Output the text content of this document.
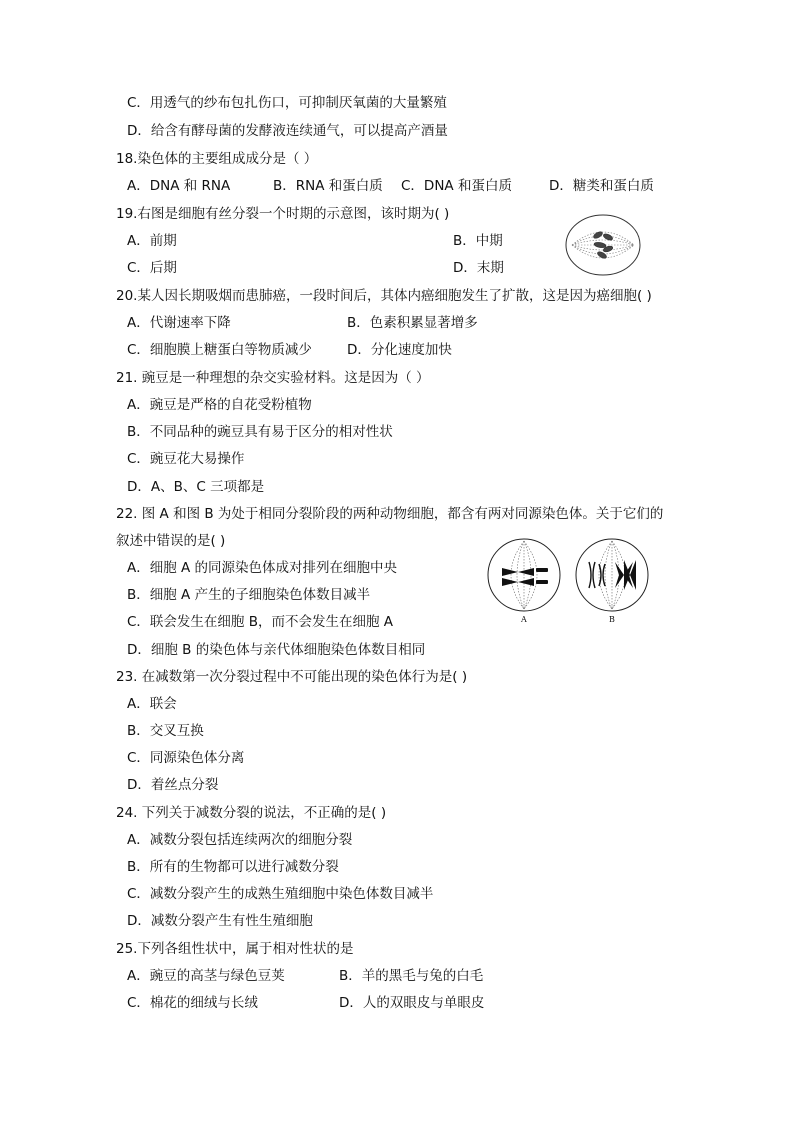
C．用透气的纱布包扎伤口，可抑制厌氧菌的大量繁殖
D．给含有酵母菌的发酵液连续通气，可以提高产酒量
18.染色体的主要组成成分是（ ）
A．DNA 和 RNA	B．RNA 和蛋白质 C．DNA 和蛋白质	D．糖类和蛋白质
19.右图是细胞有丝分裂一个时期的示意图，该时期为( )
A．前期	B．中期
C．后期	D．末期
20.某人因长期吸烟而患肺癌，一段时间后，其体内癌细胞发生了扩散，这是因为癌细胞( )
A．代谢速率下降	B．色素积累显著增多
C．细胞膜上糖蛋白等物质减少	D．分化速度加快
21. 豌豆是一种理想的杂交实验材料。这是因为（ ）
A．豌豆是严格的自花受粉植物
B．不同品种的豌豆具有易于区分的相对性状
C．豌豆花大易操作
D．A、B、C 三项都是
22. 图 A 和图 B 为处于相同分裂阶段的两种动物细胞，都含有两对同源染色体。关于它们的
叙述中错误的是( )
A．细胞 A 的同源染色体成对排列在细胞中央
B．细胞 A 产生的子细胞染色体数目减半
C．联会发生在细胞 B，而不会发生在细胞 A
D．细胞 B 的染色体与亲代体细胞染色体数目相同
23. 在减数第一次分裂过程中不可能出现的染色体行为是( )
A．联会
B．交叉互换
C．同源染色体分离
D．着丝点分裂
24. 下列关于减数分裂的说法，不正确的是( )
A．减数分裂包括连续两次的细胞分裂
B．所有的生物都可以进行减数分裂
C．减数分裂产生的成熟生殖细胞中染色体数目减半
D．减数分裂产生有性生殖细胞
25.下列各组性状中，属于相对性状的是
A．豌豆的高茎与绿色豆荚	B．羊的黑毛与兔的白毛
C．棉花的细绒与长绒	D．人的双眼皮与单眼皮
A	B
